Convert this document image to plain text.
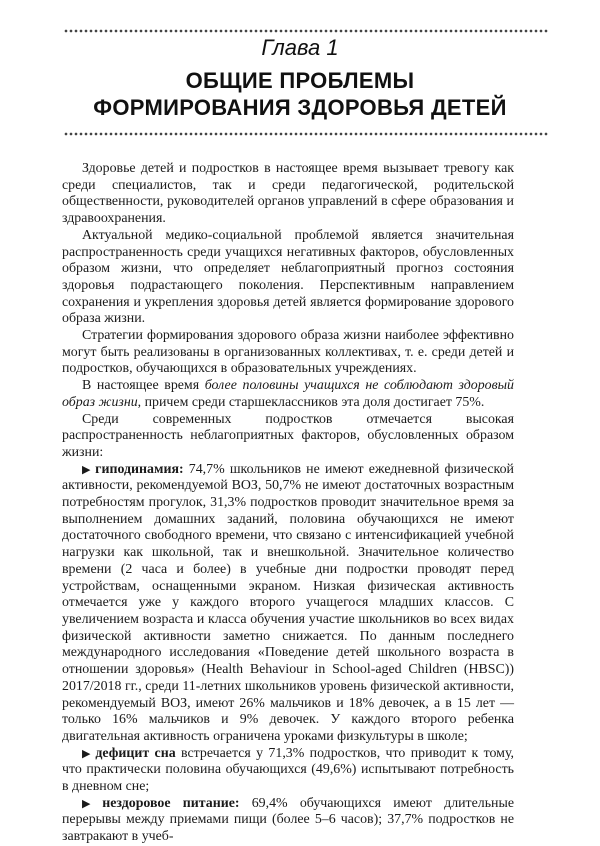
Глава 1
ОБЩИЕ ПРОБЛЕМЫ
ФОРМИРОВАНИЯ ЗДОРОВЬЯ ДЕТЕЙ

Здоровье детей и подростков в настоящее время вызывает тревогу как среди специалистов, так и среди педагогической, родительской общественности, руководителей органов управлений в сфере образования и здравоохранения.

Актуальной медико-социальной проблемой является значительная распространенность среди учащихся негативных факторов, обусловленных образом жизни, что определяет неблагоприятный прогноз состояния здоровья подрастающего поколения. Перспективным направлением сохранения и укрепления здоровья детей является формирование здорового образа жизни.

Стратегии формирования здорового образа жизни наиболее эффективно могут быть реализованы в организованных коллективах, т. е. среди детей и подростков, обучающихся в образовательных учреждениях.

В настоящее время более половины учащихся не соблюдают здоровый образ жизни, причем среди старшеклассников эта доля достигает 75%.

Среди современных подростков отмечается высокая распространенность неблагоприятных факторов, обусловленных образом жизни:

▶ гиподинамия: 74,7% школьников не имеют ежедневной физической активности, рекомендуемой ВОЗ, 50,7% не имеют достаточных возрастным потребностям прогулок, 31,3% подростков проводит значительное время за выполнением домашних заданий, половина обучающихся не имеют достаточного свободного времени, что связано с интенсификацией учебной нагрузки как школьной, так и внешкольной. Значительное количество времени (2 часа и более) в учебные дни подростки проводят перед устройствам, оснащенными экраном. Низкая физическая активность отмечается уже у каждого второго учащегося младших классов. С увеличением возраста и класса обучения участие школьников во всех видах физической активности заметно снижается. По данным последнего международного исследования «Поведение детей школьного возраста в отношении здоровья» (Health Behaviour in School-aged Children (HBSC)) 2017/2018 гг., среди 11-летних школьников уровень физической активности, рекомендуемый ВОЗ, имеют 26% мальчиков и 18% девочек, а в 15 лет — только 16% мальчиков и 9% девочек. У каждого второго ребенка двигательная активность ограничена уроками физкультуры в школе;

▶ дефицит сна встречается у 71,3% подростков, что приводит к тому, что практически половина обучающихся (49,6%) испытывают потребность в дневном сне;

▶ нездоровое питание: 69,4% обучающихся имеют длительные перерывы между приемами пищи (более 5–6 часов); 37,7% подростков не завтракают в учеб-
